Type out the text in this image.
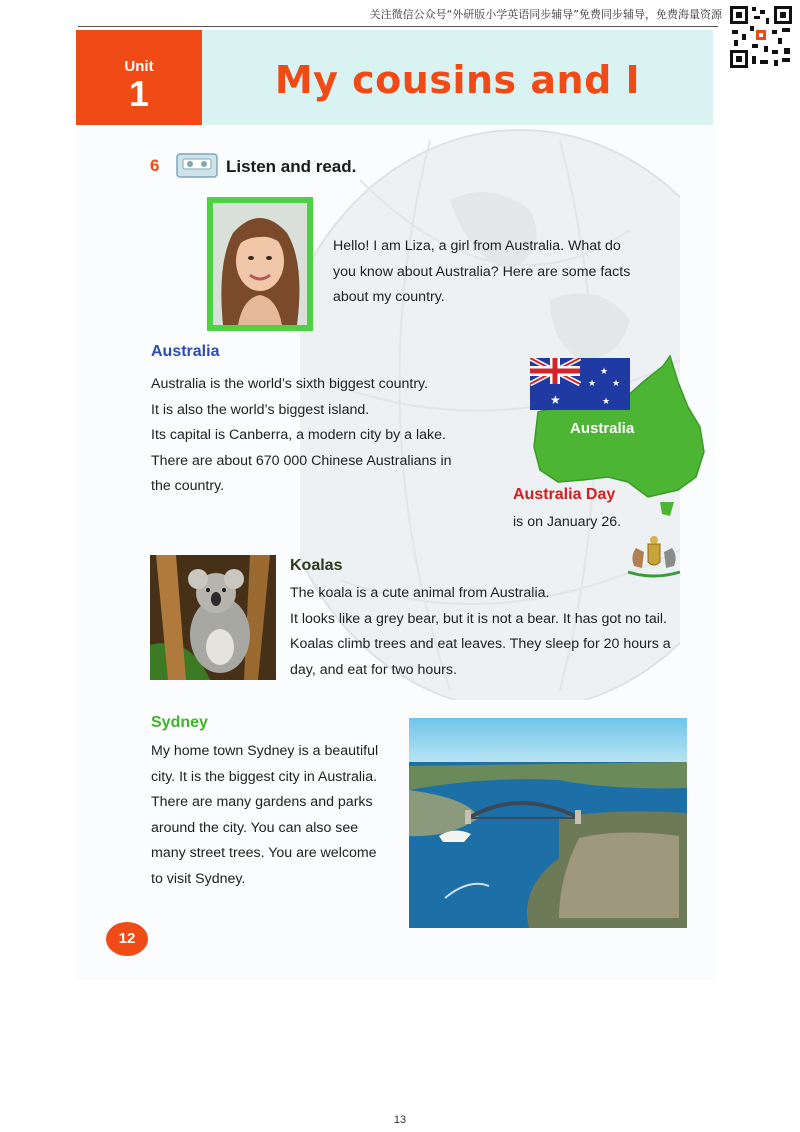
关注微信公众号“外研版小学英语同步辅导”免费同步辅导，免费海量资源
Unit
1	My cousins and I
6	Listen and read.
Hello! I am Liza, a girl from Australia. What do
you know about Australia? Here are some facts
about my country.
Australia
Australia is the world’s sixth biggest country.
It is also the world’s biggest island.
Its capital is Canberra, a modern city by a lake.
There are about 670 000 Chinese Australians in
the country.
Australia
★
★
★ ★
★
Australia Day
is on January 26.
Koalas
The koala is a cute animal from Australia.
It looks like a grey bear, but it is not a bear. It has got no tail.
Koalas climb trees and eat leaves. They sleep for 20 hours a
day, and eat for two hours.
Sydney
My home town Sydney is a beautiful
city. It is the biggest city in Australia.
There are many gardens and parks
around the city. You can also see
many street trees. You are welcome
to visit Sydney.
12
13
